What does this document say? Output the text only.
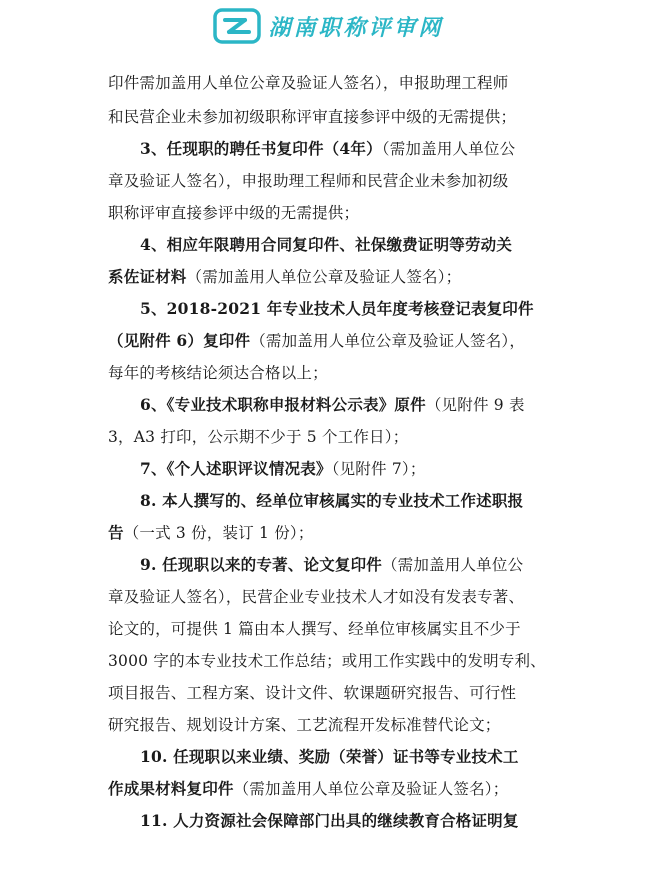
湖南职称评审网
印件需加盖用人单位公章及验证人签名），申报助理工程师
和民营企业未参加初级职称评审直接参评中级的无需提供；
3、任现职的聘任书复印件（4年）（需加盖用人单位公
章及验证人签名），申报助理工程师和民营企业未参加初级
职称评审直接参评中级的无需提供；
4、相应年限聘用合同复印件、社保缴费证明等劳动关
系佐证材料（需加盖用人单位公章及验证人签名）；
5、2018-2021 年专业技术人员年度考核登记表复印件
（见附件 6）复印件（需加盖用人单位公章及验证人签名），
每年的考核结论须达合格以上；
6、《专业技术职称申报材料公示表》原件（见附件 9 表
3，A3 打印，公示期不少于 5 个工作日）；
7、《个人述职评议情况表》（见附件 7）；
8. 本人撰写的、经单位审核属实的专业技术工作述职报
告（一式 3 份，装订 1 份）；
9. 任现职以来的专著、论文复印件（需加盖用人单位公
章及验证人签名），民营企业专业技术人才如没有发表专著、
论文的，可提供 1 篇由本人撰写、经单位审核属实且不少于
3000 字的本专业技术工作总结；或用工作实践中的发明专利、
项目报告、工程方案、设计文件、软课题研究报告、可行性
研究报告、规划设计方案、工艺流程开发标准替代论文；
10. 任现职以来业绩、奖励（荣誉）证书等专业技术工
作成果材料复印件（需加盖用人单位公章及验证人签名）；
11. 人力资源社会保障部门出具的继续教育合格证明复
